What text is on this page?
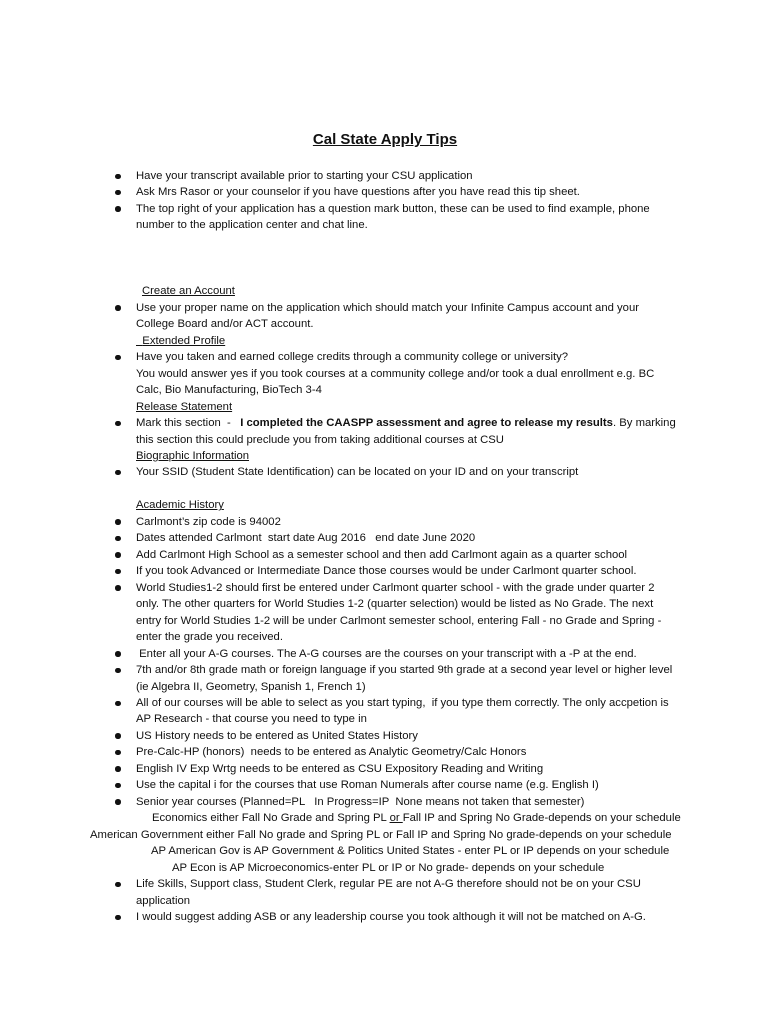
Cal State Apply Tips
Have your transcript available prior to starting your CSU application
Ask Mrs Rasor or your counselor if you have questions after you have read this tip sheet.
The top right of your application has a question mark button, these can be used to find example, phone
number to the application center and chat line.
Create an Account
Use your proper name on the application which should match your Infinite Campus account and your
College Board and/or ACT account.
Extended Profile
Have you taken and earned college credits through a community college or university?
You would answer yes if you took courses at a community college and/or took a dual enrollment e.g. BC
Calc, Bio Manufacturing, BioTech 3-4
Release Statement
Mark this section  -   I completed the CAASPP assessment and agree to release my results. By marking
this section this could preclude you from taking additional courses at CSU
Biographic Information
Your SSID (Student State Identification) can be located on your ID and on your transcript
Academic History
Carlmont’s zip code is 94002
Dates attended Carlmont  start date Aug 2016   end date June 2020
Add Carlmont High School as a semester school and then add Carlmont again as a quarter school
If you took Advanced or Intermediate Dance those courses would be under Carlmont quarter school.
World Studies1-2 should first be entered under Carlmont quarter school - with the grade under quarter 2
only. The other quarters for World Studies 1-2 (quarter selection) would be listed as No Grade. The next
entry for World Studies 1-2 will be under Carlmont semester school, entering Fall - no Grade and Spring -
enter the grade you received.
Enter all your A-G courses. The A-G courses are the courses on your transcript with a -P at the end.
7th and/or 8th grade math or foreign language if you started 9th grade at a second year level or higher level
(ie Algebra II, Geometry, Spanish 1, French 1)
All of our courses will be able to select as you start typing,  if you type them correctly. The only accpetion is
AP Research - that course you need to type in
US History needs to be entered as United States History
Pre-Calc-HP (honors)  needs to be entered as Analytic Geometry/Calc Honors
English IV Exp Wrtg needs to be entered as CSU Expository Reading and Writing
Use the capital i for the courses that use Roman Numerals after course name (e.g. English I)
Senior year courses (Planned=PL   In Progress=IP  None means not taken that semester)
Economics either Fall No Grade and Spring PL or Fall IP and Spring No Grade-depends on your schedule
American Government either Fall No grade and Spring PL or Fall IP and Spring No grade-depends on your schedule
AP American Gov is AP Government & Politics United States - enter PL or IP depends on your schedule
AP Econ is AP Microeconomics-enter PL or IP or No grade- depends on your schedule
Life Skills, Support class, Student Clerk, regular PE are not A-G therefore should not be on your CSU
application
I would suggest adding ASB or any leadership course you took although it will not be matched on A-G.
